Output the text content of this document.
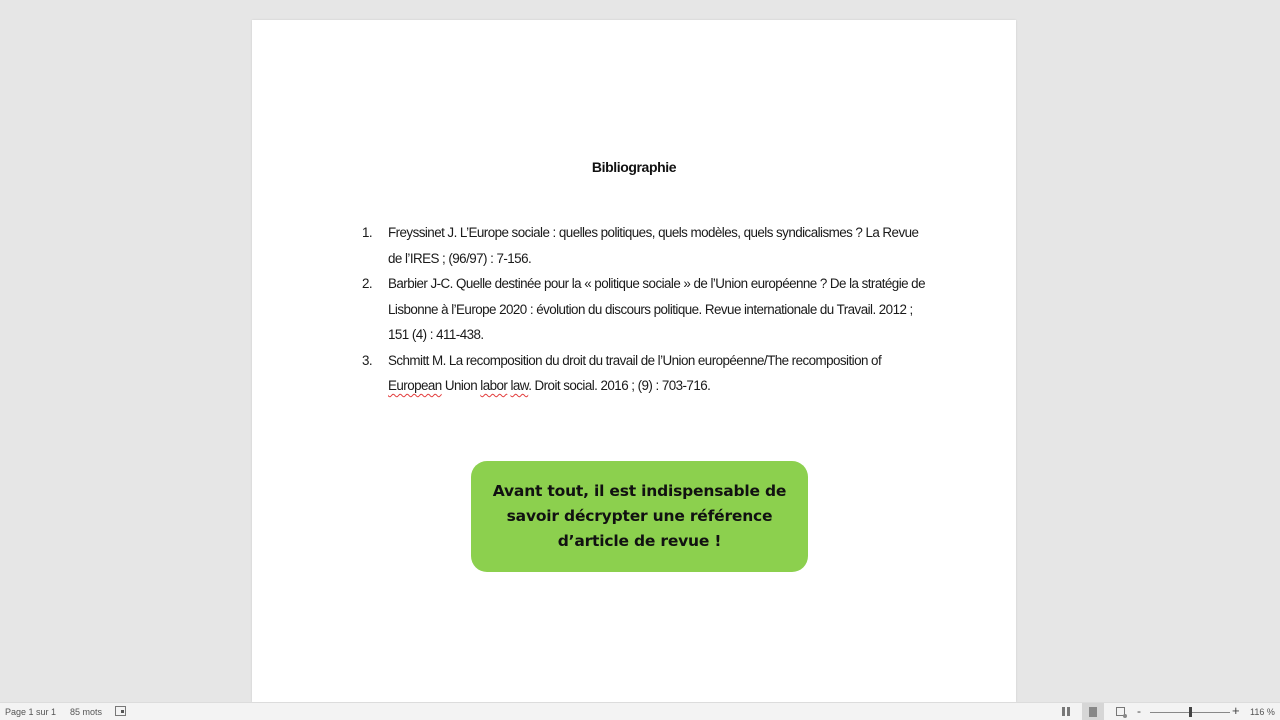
Bibliographie
1. Freyssinet J. L’Europe sociale : quelles politiques, quels modèles, quels syndicalismes ? La Revue de l’IRES ; (96/97) : 7-156.
2. Barbier J-C. Quelle destinée pour la « politique sociale » de l’Union européenne ? De la stratégie de Lisbonne à l’Europe 2020 : évolution du discours politique. Revue internationale du Travail. 2012 ; 151 (4) : 411-438.
3. Schmitt M. La recomposition du droit du travail de l’Union européenne/The recomposition of European Union labor law. Droit social. 2016 ; (9) : 703-716.
Avant tout, il est indispensable de savoir décrypter une référence d’article de revue !
Page 1 sur 1 85 mots	-	+ 116 %
